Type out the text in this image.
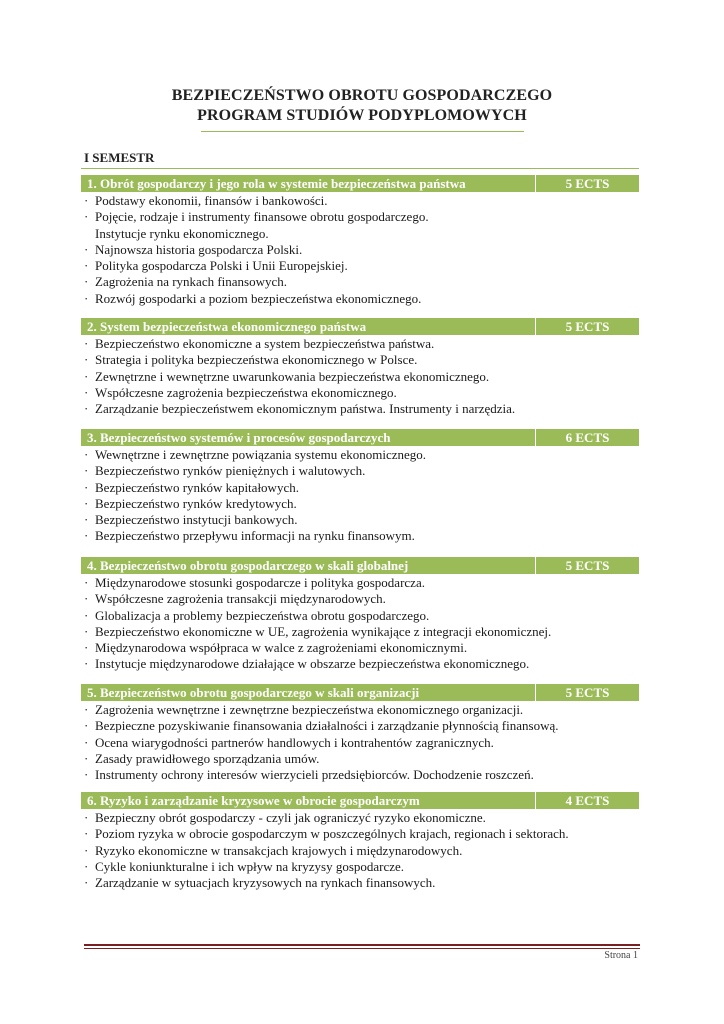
BEZPIECZEŃSTWO OBROTU GOSPODARCZEGO
PROGRAM STUDIÓW PODYPLOMOWYCH
I SEMESTR
1. Obrót gospodarczy i jego rola w systemie bezpieczeństwa państwa	5 ECTS
· Podstawy ekonomii, finansów i bankowości.
· Pojęcie, rodzaje i instrumenty finansowe obrotu gospodarczego.
Instytucje rynku ekonomicznego.
· Najnowsza historia gospodarcza Polski.
· Polityka gospodarcza Polski i Unii Europejskiej.
· Zagrożenia na rynkach finansowych.
· Rozwój gospodarki a poziom bezpieczeństwa ekonomicznego.
2. System bezpieczeństwa ekonomicznego państwa	5 ECTS
· Bezpieczeństwo ekonomiczne a system bezpieczeństwa państwa.
· Strategia i polityka bezpieczeństwa ekonomicznego w Polsce.
· Zewnętrzne i wewnętrzne uwarunkowania bezpieczeństwa ekonomicznego.
· Współczesne zagrożenia bezpieczeństwa ekonomicznego.
· Zarządzanie bezpieczeństwem ekonomicznym państwa. Instrumenty i narzędzia.
3. Bezpieczeństwo systemów i procesów gospodarczych	6 ECTS
· Wewnętrzne i zewnętrzne powiązania systemu ekonomicznego.
· Bezpieczeństwo rynków pieniężnych i walutowych.
· Bezpieczeństwo rynków kapitałowych.
· Bezpieczeństwo rynków kredytowych.
· Bezpieczeństwo instytucji bankowych.
· Bezpieczeństwo przepływu informacji na rynku finansowym.
4. Bezpieczeństwo obrotu gospodarczego w skali globalnej	5 ECTS
· Międzynarodowe stosunki gospodarcze i polityka gospodarcza.
· Współczesne zagrożenia transakcji międzynarodowych.
· Globalizacja a problemy bezpieczeństwa obrotu gospodarczego.
· Bezpieczeństwo ekonomiczne w UE, zagrożenia wynikające z integracji ekonomicznej.
· Międzynarodowa współpraca w walce z zagrożeniami ekonomicznymi.
· Instytucje międzynarodowe działające w obszarze bezpieczeństwa ekonomicznego.
5. Bezpieczeństwo obrotu gospodarczego w skali organizacji	5 ECTS
· Zagrożenia wewnętrzne i zewnętrzne bezpieczeństwa ekonomicznego organizacji.
· Bezpieczne pozyskiwanie finansowania działalności i zarządzanie płynnością finansową.
· Ocena wiarygodności partnerów handlowych i kontrahentów zagranicznych.
· Zasady prawidłowego sporządzania umów.
· Instrumenty ochrony interesów wierzycieli przedsiębiorców. Dochodzenie roszczeń.
6. Ryzyko i zarządzanie kryzysowe w obrocie gospodarczym	4 ECTS
· Bezpieczny obrót gospodarczy - czyli jak ograniczyć ryzyko ekonomiczne.
· Poziom ryzyka w obrocie gospodarczym w poszczególnych krajach, regionach i sektorach.
· Ryzyko ekonomiczne w transakcjach krajowych i międzynarodowych.
· Cykle koniunkturalne i ich wpływ na kryzysy gospodarcze.
· Zarządzanie w sytuacjach kryzysowych na rynkach finansowych.
Strona 1
